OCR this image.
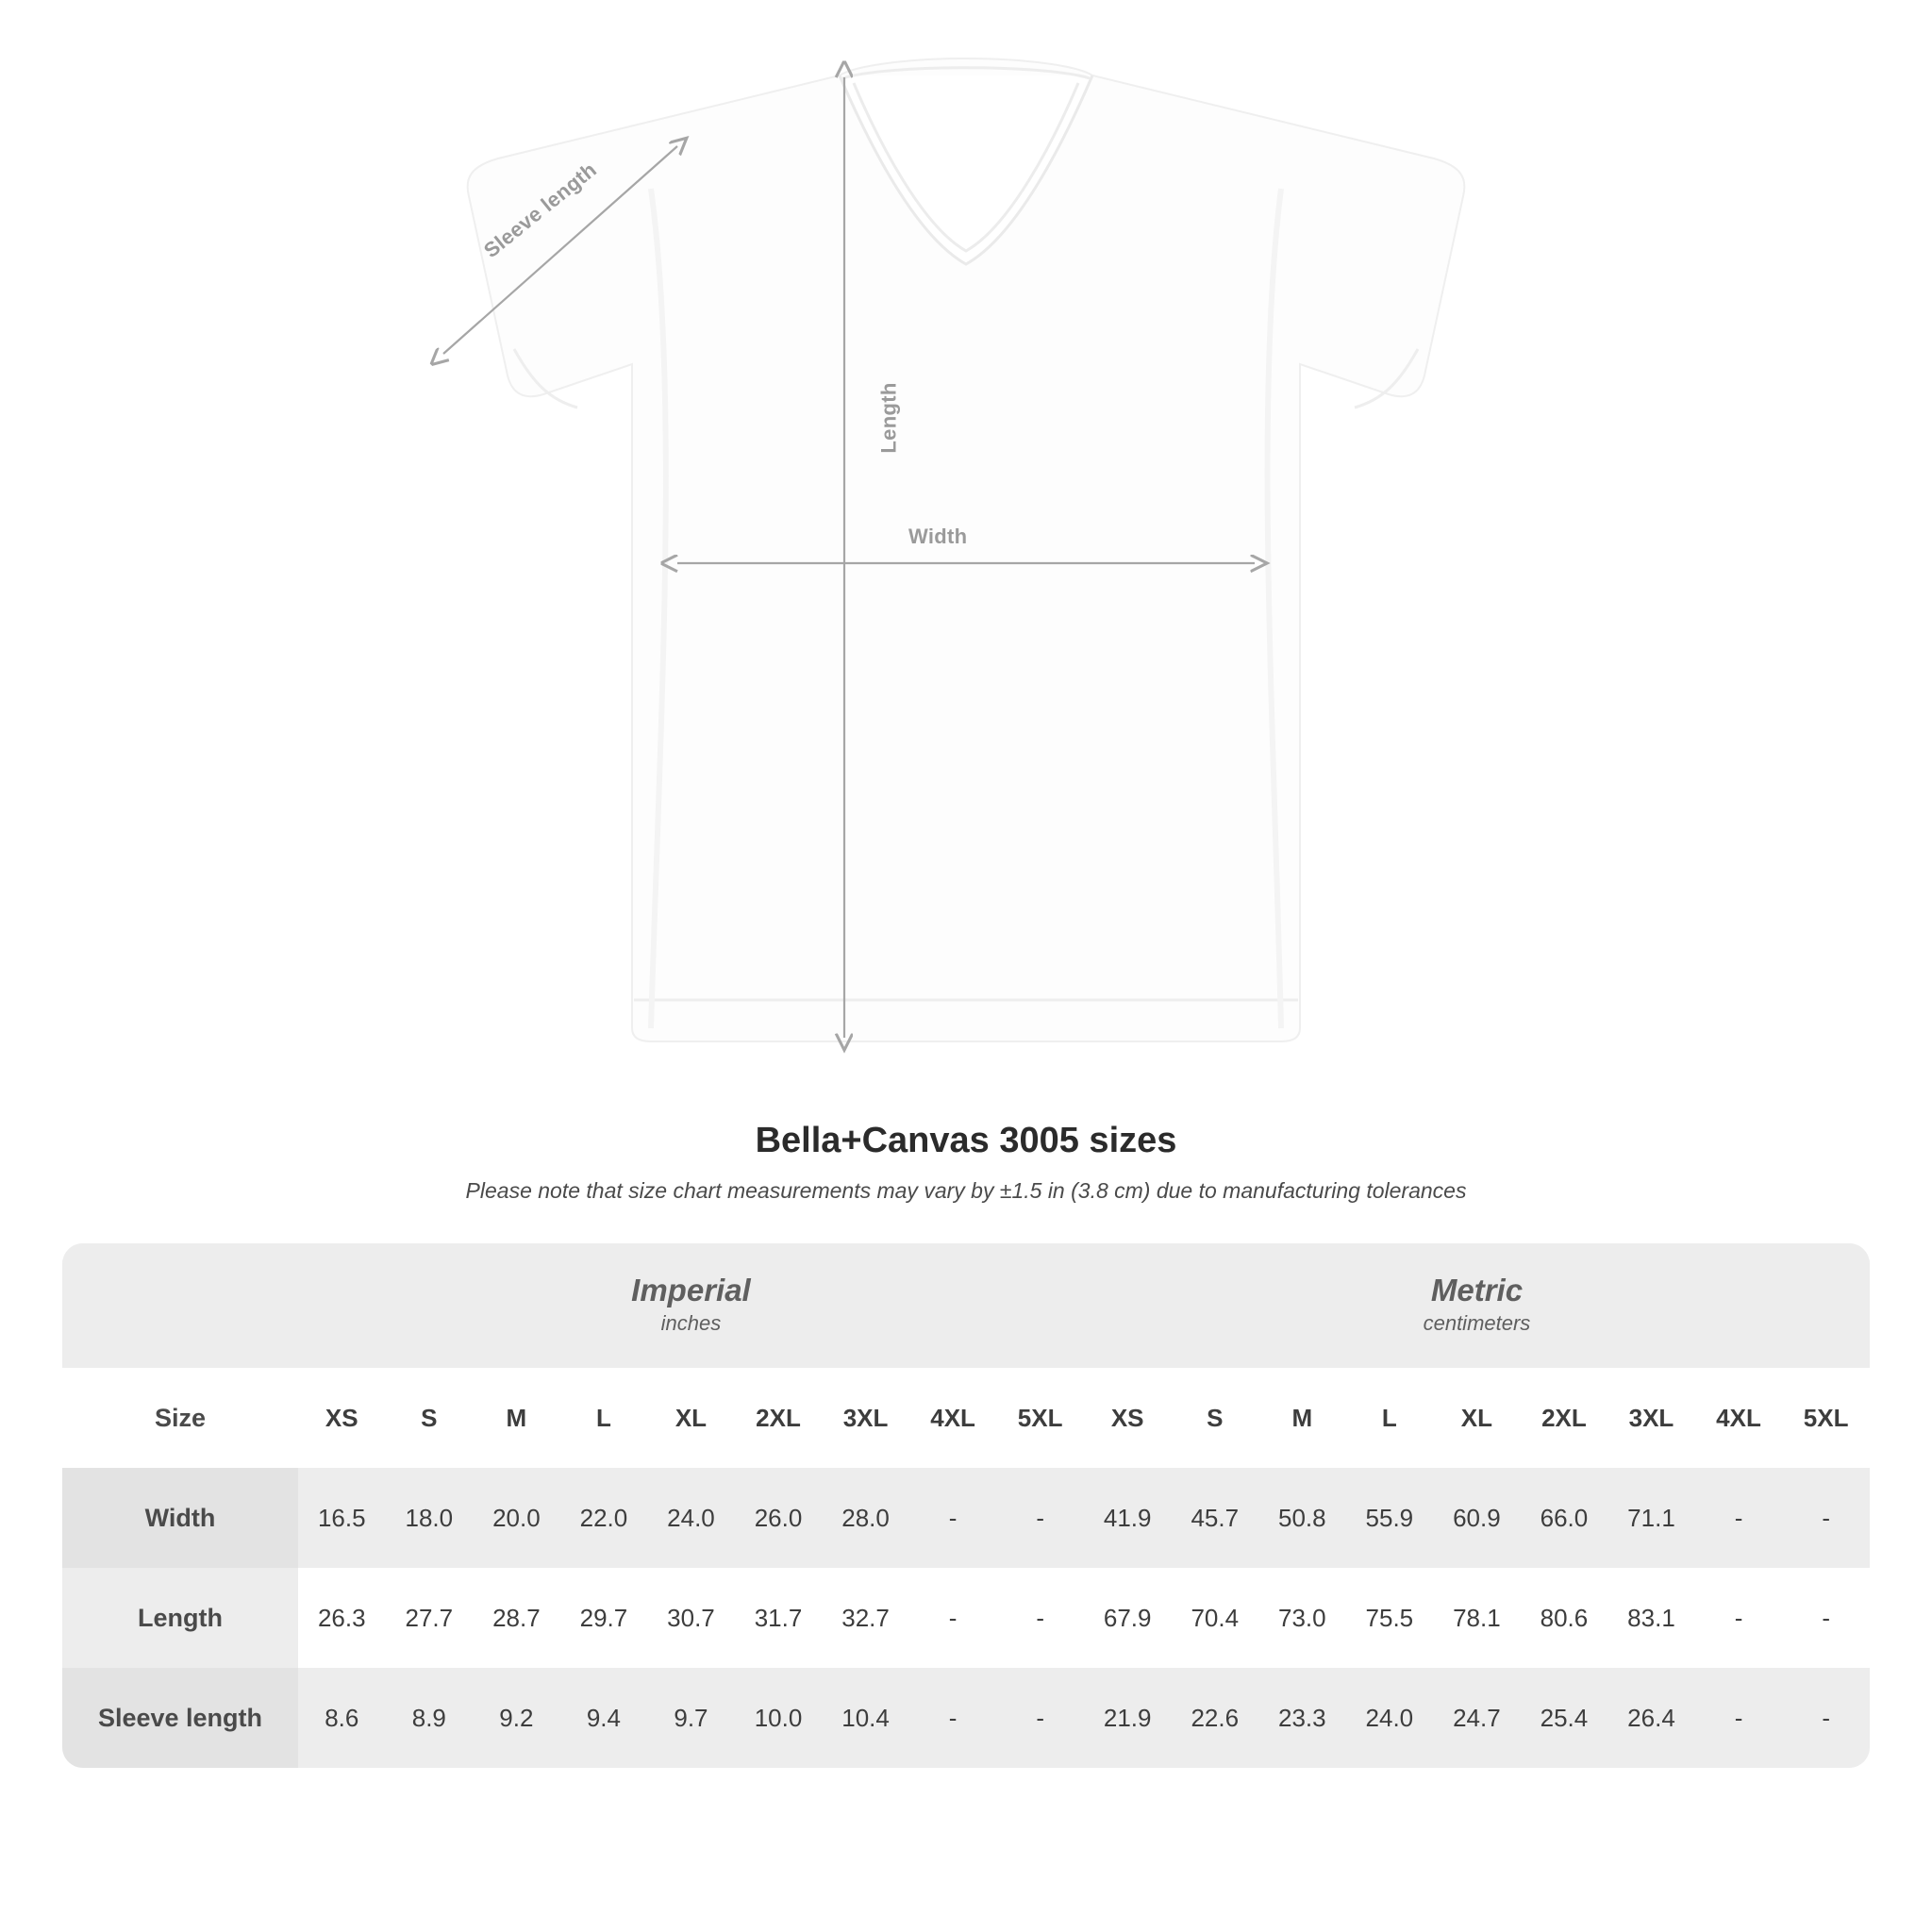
Sleeve length
Length
Width
Bella+Canvas 3005 sizes

Please note that size chart measurements may vary by ±1.5 in (3.8 cm) due to manufacturing tolerances

Imperial
inches

Metric
centimeters

Size	XS	S	M	L	XL	2XL	3XL	4XL	5XL	XS	S	M	L	XL	2XL	3XL	4XL	5XL
Width	16.5	18.0	20.0	22.0	24.0	26.0	28.0	-	-	41.9	45.7	50.8	55.9	60.9	66.0	71.1	-	-
Length	26.3	27.7	28.7	29.7	30.7	31.7	32.7	-	-	67.9	70.4	73.0	75.5	78.1	80.6	83.1	-	-
Sleeve length	8.6	8.9	9.2	9.4	9.7	10.0	10.4	-	-	21.9	22.6	23.3	24.0	24.7	25.4	26.4	-	-
